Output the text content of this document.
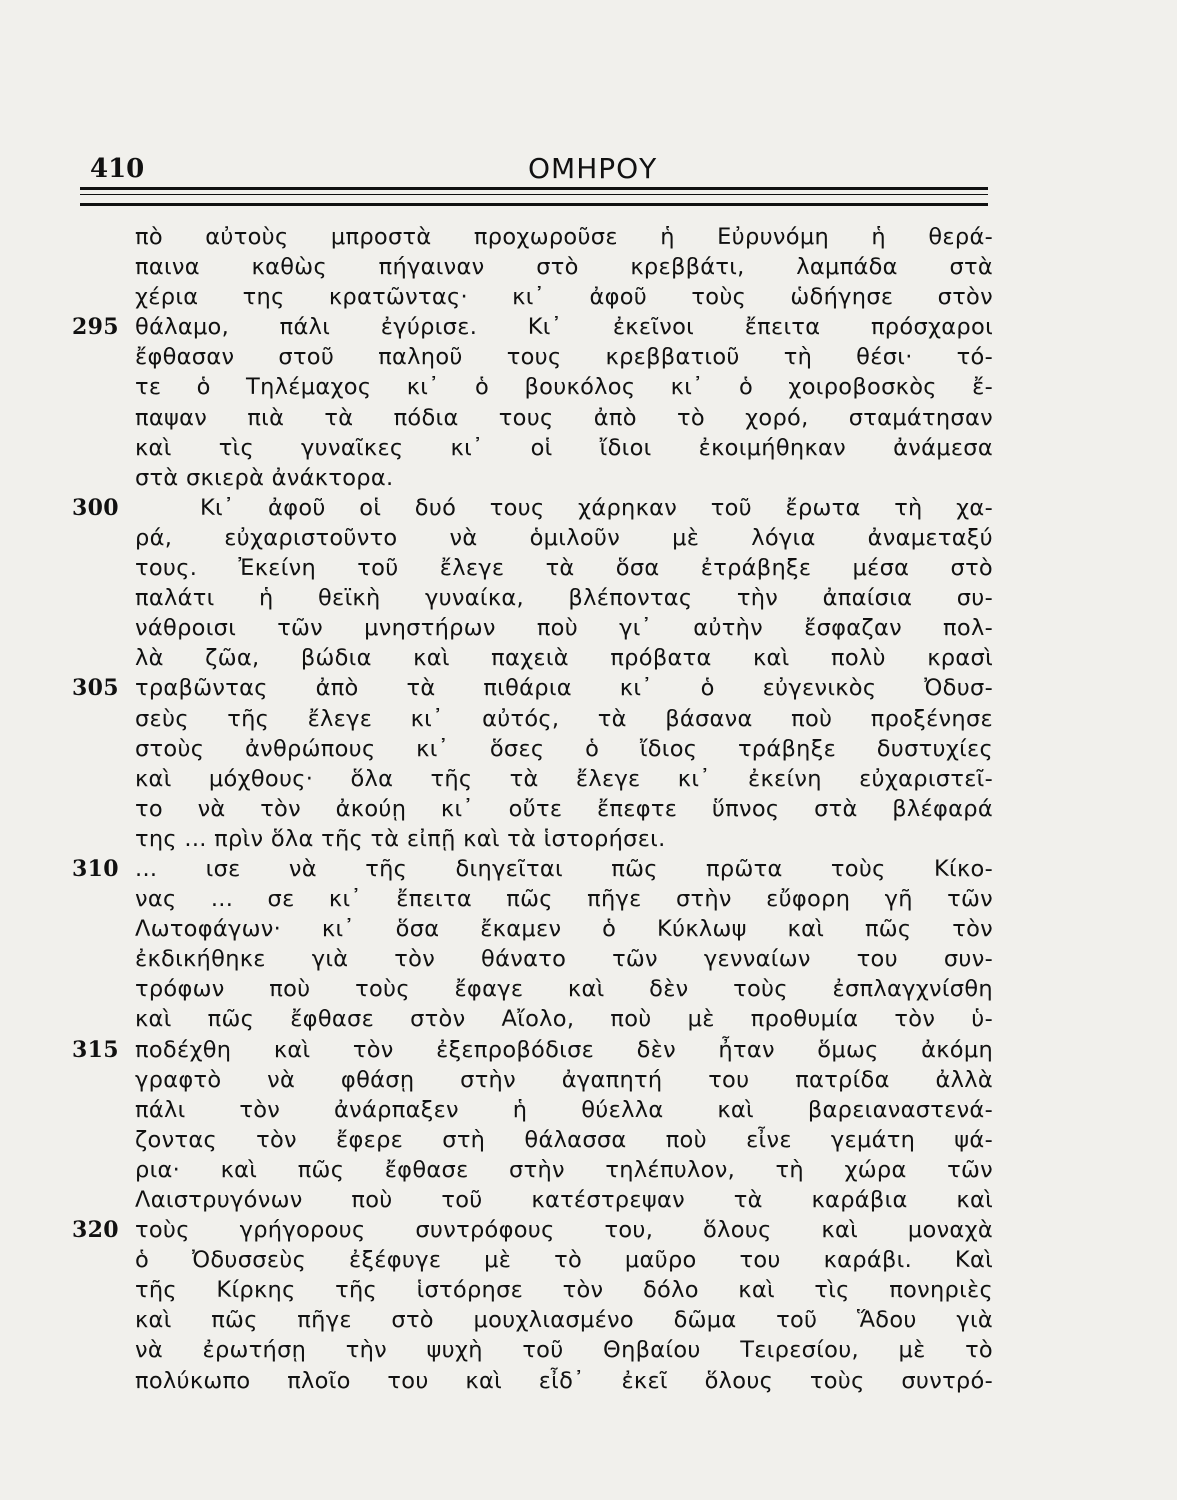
410	ΟΜΗΡΟΥ
πὸ αὐτοὺς μπροστὰ προχωροῦσε ἡ Εὐρυνόμη ἡ θερά-
παινα καθὼς πήγαιναν στὸ κρεββάτι, λαμπάδα στὰ
χέρια της κρατῶντας· κι᾿ ἀφοῦ τοὺς ὡδήγησε στὸν
θάλαμο, πάλι ἐγύρισε. Κι᾿ ἐκεῖνοι ἔπειτα πρόσχαροι
295
ἔφθασαν στοῦ παληοῦ τους κρεββατιοῦ τὴ θέσι· τό-
τε ὁ Τηλέμαχος κι᾿ ὁ βουκόλος κι᾿ ὁ χοιροβοσκὸς ἔ-
παψαν πιὰ τὰ πόδια τους ἀπὸ τὸ χορό, σταμάτησαν
καὶ τὶς γυναῖκες κι᾿ οἱ ἴδιοι ἐκοιμήθηκαν ἀνάμεσα
στὰ σκιερὰ ἀνάκτορα.
Κι᾿ ἀφοῦ οἱ δυό τους χάρηκαν τοῦ ἔρωτα τὴ χα-
300
ρά, εὐχαριστοῦντο νὰ ὁμιλοῦν μὲ λόγια ἀναμεταξύ
τους. Ἐκείνη τοῦ ἔλεγε τὰ ὅσα ἐτράβηξε μέσα στὸ
παλάτι ἡ θεϊκὴ γυναίκα, βλέποντας τὴν ἀπαίσια συ-
νάθροισι τῶν μνηστήρων ποὺ γι᾿ αὐτὴν ἔσφαζαν πολ-
λὰ ζῶα, βώδια καὶ παχειὰ πρόβατα καὶ πολὺ κρασὶ
τραβῶντας ἀπὸ τὰ πιθάρια κι᾿ ὁ εὐγενικὸς Ὀδυσ-
305
σεὺς τῆς ἔλεγε κι᾿ αὐτός, τὰ βάσανα ποὺ προξένησε
στοὺς ἀνθρώπους κι᾿ ὅσες ὁ ἴδιος τράβηξε δυστυχίες
καὶ μόχθους· ὅλα τῆς τὰ ἔλεγε κι᾿ ἐκείνη εὐχαριστεῖ-
το νὰ τὸν ἀκούῃ κι᾿ οὔτε ἔπεφτε ὕπνος στὰ βλέφαρά
της ... πρὶν ὅλα τῆς τὰ εἰπῇ καὶ τὰ ἱστορήσει.
... ισε νὰ τῆς διηγεῖται πῶς πρῶτα τοὺς Κίκο-
310
νας ... σε κι᾿ ἔπειτα πῶς πῆγε στὴν εὔφορη γῆ τῶν
Λωτοφάγων· κι᾿ ὅσα ἔκαμεν ὁ Κύκλωψ καὶ πῶς τὸν
ἐκδικήθηκε γιὰ τὸν θάνατο τῶν γενναίων του συν-
τρόφων ποὺ τοὺς ἔφαγε καὶ δὲν τοὺς ἐσπλαγχνίσθη
καὶ πῶς ἔφθασε στὸν Αἴολο, ποὺ μὲ προθυμία τὸν ὑ-
ποδέχθη καὶ τὸν ἐξεπροβόδισε δὲν ἦταν ὅμως ἀκόμη
315
γραφτὸ νὰ φθάσῃ στὴν ἀγαπητή του πατρίδα ἀλλὰ
πάλι τὸν ἀνάρπαξεν ἡ θύελλα καὶ βαρειαναστενά-
ζοντας τὸν ἔφερε στὴ θάλασσα ποὺ εἶνε γεμάτη ψά-
ρια· καὶ πῶς ἔφθασε στὴν τηλέπυλον, τὴ χώρα τῶν
Λαιστρυγόνων ποὺ τοῦ κατέστρεψαν τὰ καράβια καὶ
τοὺς γρήγορους συντρόφους του, ὅλους καὶ μοναχὰ
320
ὁ Ὀδυσσεὺς ἐξέφυγε μὲ τὸ μαῦρο του καράβι. Καὶ
τῆς Κίρκης τῆς ἱστόρησε τὸν δόλο καὶ τὶς πονηριὲς
καὶ πῶς πῆγε στὸ μουχλιασμένο δῶμα τοῦ Ἅδου γιὰ
νὰ ἐρωτήσῃ τὴν ψυχὴ τοῦ Θηβαίου Τειρεσίου, μὲ τὸ
πολύκωπο πλοῖο του καὶ εἶδ᾿ ἐκεῖ ὅλους τοὺς συντρό-
